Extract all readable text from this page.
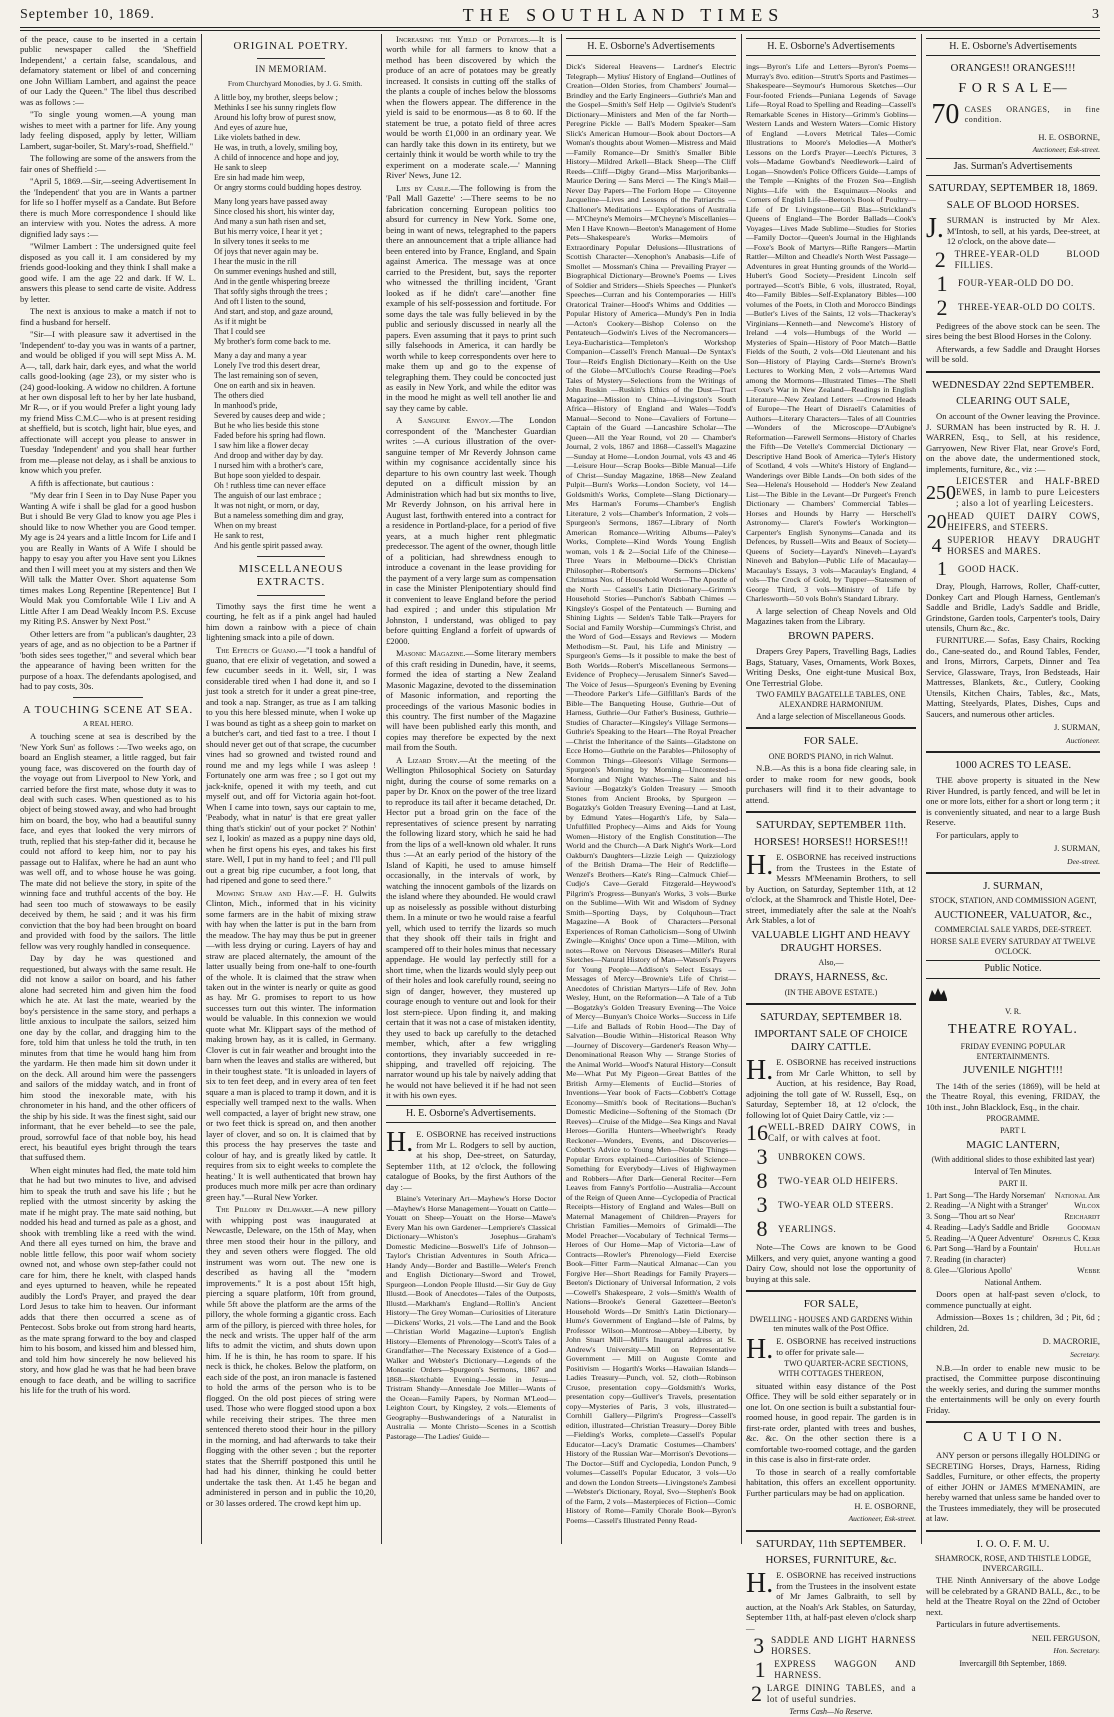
September 10, 1869.	THE SOUTHLAND TIMES	3

of the peace, cause to be inserted in a certain public newspaper called the 'Sheffield Independent,' a certain false, scandalous, and defamatory statement or libel of and concerning one John William Lambert, and against the peace of our Lady the Queen." The libel thus described was as follows :—

"To single young women.—A young man wishes to meet with a partner for life. Any young lady feeling disposed, apply by letter, William Lambert, sugar-boiler, St. Mary's-road, Sheffield."

The following are some of the answers from the fair ones of Sheffield :—

"April 5, 1869.—Sir,—seeing Advertisement In the 'Independent' that you are in Wants a partner for life so I hoffer myself as a Candate. But Before there is much More correspondence I should like an interview with you. Notes the adress. A more dignified lady says :—

"Wilmer Lambert : The undersigned quite feel disposed as you call it. I am considered by my friends good-looking and they think I shall make a good wife. I am the age 22 and dark. If W. L. answers this please to send carte de visite. Address by letter.

The next is anxious to make a match if not to find a husband for herself.

"Sir—I with pleasure saw it advertised in the 'Independent' to-day you was in wants of a partner, and would be obliged if you will sept Miss A. M. A—, tall, dark hair, dark eyes, and what the world calls good-looking (age 23), or my sister who is (24) good-looking. A widow no children. A fortune at her own disposal left to her by her late husband, Mr R—, or if you would Prefer a light young lady my friend Miss C.M.C—who is at present residing at sheffield, but is scotch, light hair, blue eyes, and affectionate will accept you please to answer in Tuesday 'Independent' and you shall hear further from me—please not delay, as i shall be anxious to know which you prefer.

A fifth is affectionate, but cautious :

"My dear frin I Seen in to Day Nuse Paper you Wanting A wife i shall be glad for a good husbon But i should Be very Glad to know you age Ples i should like to now Whether you are Good temper. My age is 24 years and a little Incom for Life and I you are Really in Wants of A Wife I should be happy to esay you after you Have sent you Liknes and then I will meet you at my sisters and then We Will talk the Matter Over. Short aquatense Som times makes Long Repentine [Repentence] But I Would Mak you Comfortable Wile I Liv and A Little After I am Dead Weakly Incom P.S. Excuse my Riting P.S. Answer by Next Post."

Other letters are from "a publican's daughter, 23 years of age, and as no objection to be a Partner if 'both sides sees together,'" and several which bear the appearance of having been written for the purpose of a hoax. The defendants apologised, and had to pay costs, 30s.

A TOUCHING SCENE AT SEA.
A REAL HERO.

A touching scene at sea is described by the 'New York Sun' as follows :—Two weeks ago, on board an English steamer, a little ragged, but fair young face, was discovered on the fourth day of the voyage out from Liverpool to New York, and carried before the first mate, whose duty it was to deal with such cases. When questioned as to his object of being stowed away, and who had brought him on board, the boy, who had a beautiful sunny face, and eyes that looked the very mirrors of truth, replied that his step-father did it, because he could not afford to keep him, nor to pay his passage out to Halifax, where he had an aunt who was well off, and to whose house he was going. The mate did not believe the story, in spite of the winning face and truthful accents of the boy. He had seen too much of stowaways to be easily deceived by them, he said ; and it was his firm conviction that the boy had been brought on board and provided with food by the sailors. The little fellow was very roughly handled in consequence.

Day by day he was questioned and requestioned, but always with the same result. He did not know a sailor on board, and his father alone had secreted him and given him the food which he ate. At last the mate, wearied by the boy's persistence in the same story, and perhaps a little anxious to inculpate the sailors, seized him one day by the collar, and dragging him to the fore, told him that unless he told the truth, in ten minutes from that time he would hang him from the yardarm. He then made him sit down under it on the deck. All around him were the passengers and sailors of the midday watch, and in front of him stood the inexorable mate, with his chronometer in his hand, and the other officers of the ship by his side. It was the finest sight, said our informant, that he ever beheld—to see the pale, proud, sorrowful face of that noble boy, his head erect, his beautiful eyes bright through the tears that suffused them.

When eight minutes had fled, the mate told him that he had but two minutes to live, and advised him to speak the truth and save his life ; but he replied with the utmost sincerity by asking the mate if he might pray. The mate said nothing, but nodded his head and turned as pale as a ghost, and shook with trembling like a reed with the wind. And there all eyes turned on him, the brave and noble little fellow, this poor waif whom society owned not, and whose own step-father could not care for him, there he knelt, with clasped hands and eyes upturned to heaven, while he repeated audibly the Lord's Prayer, and prayed the dear Lord Jesus to take him to heaven. Our informant adds that there then occurred a scene as of Pentecost. Sobs broke out from strong hard hearts, as the mate sprang forward to the boy and clasped him to his bosom, and kissed him and blessed him, and told him how sincerely he now believed his story, and how glad he was that he had been brave enough to face death, and be willing to sacrifice his life for the truth of his word.

ORIGINAL POETRY.
IN MEMORIAM.
From Churchyard Monodies, by J. G. Smith.
A little boy, my brother, sleeps below ;
Methinks I see his sunny ringlets flow
Around his lofty brow of purest snow,
And eyes of azure hue,
Like violets bathed in dew.
He was, in truth, a lovely, smiling boy,
A child of innocence and hope and joy,
He sank to sleep
Ere sin had made him weep,
Or angry storms could budding hopes destroy.
Many long years have passed away
Since closed his short, his winter day,
And many a sun hath risen and set,
But his merry voice, I hear it yet ;
In silvery tones it seeks to me
Of joys that never again may be.
I hear the music in the rill
On summer evenings hushed and still,
And in the gentle whispering breeze
That softly sighs through the trees ;
And oft I listen to the sound,
And start, and stop, and gaze around,
As if it might be
That I could see
My brother's form come back to me.
Many a day and many a year
Lonely I've trod this desert drear,
The last remaining son of seven,
One on earth and six in heaven.
The others died
In manhood's pride,
Severed by causes deep and wide ;
But he who lies beside this stone
Faded before his spring had flown.
I saw him like a flower decay
And droop and wither day by day.
I nursed him with a brother's care,
But hope soon yielded to despair.
Oh ! ruthless time can never efface
The anguish of our last embrace ;
It was not night, or morn, or day,
But a nameless something dim and gray,
When on my breast
He sank to rest,
And his gentle spirit passed away.
MISCELLANEOUS EXTRACTS.

Timothy says the first time he went a courting, he felt as if a pink angel had hauled him down a rainbow with a piece of chain lightening smack into a pile of down.

The Effects of Guano.—"I took a handful of guano, that ere elixir of vegetation, and sowed a few cucumber seeds in it. Well, sir, I was considerable tired when I had done it, and so I just took a stretch for it under a great pine-tree, and took a nap. Stranger, as true as I am talking to you this here blessed minute, when I woke up I was bound as tight as a sheep goin to market on a butcher's cart, and tied fast to a tree. I thout I should never get out of that scrape, the cucumber vines had so growned and twisted round and round me and my legs while I was asleep ! Fortunately one arm was free ; so I got out my jack-knife, opened it with my teeth, and cut myself out, and off for Victoria again hot-foot. When I came into town, says our captain to me, 'Peabody, what in natur' is that ere great yaller thing that's stickin' out of your pocket ?' Nothin' sez I, lookin' as mazed as a puppy nine days old, when he first opens his eyes, and takes his first stare. Well, I put in my hand to feel ; and I'll pull out a great big ripe cucumber, a foot long, that had ripened and gone to seed there."

Mowing Straw and Hay.—F. H. Gulwits Clinton, Mich., informed that in his vicinity some farmers are in the habit of mixing straw with hay when the latter is put in the barn from the meadow. The hay may thus be put in greener—with less drying or curing. Layers of hay and straw are placed alternately, the amount of the latter usually being from one-half to one-fourth of the whole. It is claimed that the straw when taken out in the winter is nearly or quite as good as hay. Mr G. promises to report to us how successes turn out this winter. The information would be valuable. In this connexion we would quote what Mr. Klippart says of the method of making brown hay, as it is called, in Germany. Clover is cut in fair weather and brought into the barn when the leaves and stalks are withered, but in their toughest state. "It is unloaded in layers of six to ten feet deep, and in every area of ten feet square a man is placed to tramp it down, and it is especially well tramped next to the walls. When well compacted, a layer of bright new straw, one or two feet thick is spread on, and then another layer of clover, and so on. It is claimed that by this process the hay preserves the taste and colour of hay, and is greatly liked by cattle. It requires from six to eight weeks to complete the heating.' It is well authenticated that brown hay produces much more milk per acre than ordinary green hay."—Rural New Yorker.

The Pillory in Delaware.—A new pillory with whipping post was inaugurated at Newcastle, Deleware, on the 15th of May, when three men stood their hour in the pillory, and they and seven others were flogged. The old instrument was worn out. The new one is described as having all the "modern improvements." It is a post about 15ft high, piercing a square platform, 10ft from ground, while 5ft above the platform are the arms of the pillory, the whole forming a gigantic cross. Each arm of the pillory, is pierced with three holes, for the neck and wrists. The upper half of the arm lifts to admit the victim, and shuts down upon him. If he is thin, he has room to spare. If his neck is thick, he chokes. Below the platform, on each side of the post, an iron manacle is fastened to hold the arms of the person who is to be flogged. On the old post pieces of string were used. Those who were flogged stood upon a box while receiving their stripes. The three men sentenced thereto stood their hour in the pillory in the morning, and had afterwards to take their flogging with the other seven ; but the reporter states that the Sherriff postponed this until he had had his dinner, thinking he could better undertake the task then. At 1.45 he began and administered in person and in public the 10,20, or 30 lasses ordered. The crowd kept him up.

Increasing the Yield of Potatoes.—It is worth while for all farmers to know that a method has been discovered by which the produce of an acre of potatoes may be greatly increased. It consists in cutting off the stalks of the plants a couple of inches below the blossoms when the flowers appear. The difference in the yield is said to be enormous—as 8 to 60. If the statement be true, a potato field of three acres would be worth £1,000 in an ordinary year. We can hardly take this down in its entirety, but we certainly think it would be worth while to try the experiment on a moderate scale.—' Manning River' News, June 12.

Lies by Cable.—The following is from the 'Pall Mall Gazette' :—There seems to be no fabrication concerning European politics too absurd for currency in New York. Some one, being in want of news, telegraphed to the papers there an announcement that a triple alliance had been entered into by France, England, and Spain against America. The message was at once carried to the President, but, says the reporter who witnessed the thrilling incident, 'Grant looked as if he didn't care'—another fine example of his self-possession and fortitude. For some days the tale was fully believed in by the public and seriously discussed in nearly all the papers. Even assuming that it pays to print such silly falsehoods in America, it can hardly be worth while to keep correspondents over here to make them up and go to the expense of telegraphing them. They could be concocted just as easily in New York, and while the editor was in the mood he might as well tell another lie and say they came by cable.

A Sanguine Envoy.—The London correspondent of the 'Manchester Guardian writes :—A curious illustration of the over-sanguine temper of Mr Reverdy Johnson came within my cognisance accidentally since his departure to his own country last week. Though deputed on a difficult mission by an Administration which had but six months to live, Mr Reverdy Johnson, on his arrival here in August last, forthwith entered into a contract for a residence in Portland-place, for a period of five years, at a much higher rent phlegmatic predecessor. The agent of the owner, though little of a politician, had shrewdness enough to introduce a covenant in the lease providing for the payment of a very large sum as compensation in case the Minister Plenipotentiary should find it convenient to leave England before the period had expired ; and under this stipulation Mr Johnston, I understand, was obliged to pay before quitting England a forfeit of upwards of £2000.

Masonic Magazine.—Some literary members of this craft residing in Dunedin, have, it seems, formed the idea of starting a New Zealand Masonic Magazine, devoted to the dissemination of Masonic information, and reporting the proceedings of the various Masonic bodies in this country. The first number of the Magazine will have been published early this month, and copies may therefore be expected by the next mail from the South.

A Lizard Story.—At the meeting of the Wellington Philosophical Society on Saturday night, during the course of some remarks on a paper by Dr. Knox on the power of the tree lizard to reproduce its tail after it became detached, Dr. Hector put a broad grin on the face of the representatives of science present by narrating the following lizard story, which he said he had from the lips of a well-known old whaler. It runs thus :—At an early period of the history of the Island of Kapiti, he used to amuse himself occasionally, in the intervals of work, by watching the innocent gambols of the lizards on the island where they abounded. He would crawl up as noiselessly as possible without disturbing them. In a minute or two he would raise a fearful yell, which used to terrify the lizards so much that they shook off their tails in fright and scampered off to their holes minus that necessary appendage. He would lay perfectly still for a short time, when the lizards would slyly peep out of their holes and look carefully round, seeing no sign of danger, however, they mustered up courage enough to venture out and look for their lost stern-piece. Upon finding it, and making certain that it was not a case of mistaken identity, they used to back up carefully to the detached member, which, after a few wriggling contortions, they invariably succeeded in re-shipping, and travelled off rejoicing. The narrator wound up his tale by naively adding that he would not have believed it if he had not seen it with his own eyes.

H. E. Osborne's Advertisements.

H. E. OSBORNE has received instructions from Mr L. Rodgers to sell by auction, at his shop, Dee-street, on Saturday, September 11th, at 12 o'clock, the following catalogue of Books, by the first Authors of the day :—

Blaine's Veterinary Art—Mayhew's Horse Doctor—Mayhew's Horse Management—Youatt on Cattle—Youatt on Sheep—Youatt on the Horse—Mawe's Every Man his own Gardener—Lempriere's Classical Dictionary—Whiston's Josephus—Graham's Domestic Medicine—Boswell's Life of Johnson—Taylor's Christian Adventures in South Africa—Handy Andy—Border and Bastille—Weler's French and English Dictionary—Sword and Trowel, Spurgeon—London People Illustd.—Sir Guy de Guy Illustd.—Book of Anecdotes—Tales of the Outposts, Illustd.—Markham's England—Rollin's Ancient History—The Grey Woman—Curiosities of Literature—Dickens' Works, 21 vols.—The Land and the Book—Christian World Magazine—Lupton's English History—Elements of Phrenology—Scott's Tales of a Grandfather—The Necessary Existence of a God—Walker and Webster's Dictionary—Legends of the Monastic Orders—Spurgeon's Sermons, 1867 and 1868—Sketchable Evening—Jessie in Jesus—Tristram Shandy—Annesdale Joe Miller—Wants of the Ocean—Family Papers, by Norman M'Leod—Leighton Court, by Kingsley, 2 vols.—Elements of Geography—Bushwanderings of a Naturalist in Australia — Monte Christo—Scenes in a Scottish Pastorage—The Ladies' Guide—

H. E. Osborne's Advertisements

Dick's Sidereal Heavens— Lardner's Electric Telegraph— Mylius' History of England—Outlines of Creation—Olden Stories, from Chambers' Journal—Brindley and the Early Engineers—Guthrie's Man and the Gospel—Smith's Self Help — Ogilvie's Student's Dictionary—Ministers and Men of the far North—Peregrine Pickle — Ball's Modern Speaker—Sam Slick's American Humour—Book about Doctors—A Woman's thoughts about Women—Mistress and Maid—Family Romance—Dr Smith's Smaller Bible History—Mildred Arkell—Black Sheep—The Cliff Reeds—Cliff—Digby Grand—Miss Marjoribanks—Maurice Dering — Sans Merci — The King's Mail—Never Day Papers—The Forlorn Hope — Citoyenne Jacqueline—Lives and Lessons of the Patriarchs — Challoner's Meditations — Explorations of Australia — M'Cheyne's Memoirs—M'Cheyne's Miscellanies—Men I Have Known—Beeton's Management of Home Pets—Shakespeare's Works—Memoirs of Extraordinary Popular Delusions—Illustrations of Scottish Character—Xenophon's Anabasis—Life of Smollet — Mossman's China — Prevailing Prayer — Biographical Dictionary—Browne's Poems — Lives of Soldier and Striders—Shiels Speeches — Plunket's Speeches—Curran and his Contemporaries — Hill's Oratorical Trainer—Hood's Whims and Oddities — Popular History of America—Mundy's Pen in India —Acton's Cookery—Bishop Colenso on the Pentateuch—Godwin's Lives of the Necromancers—Leya-Eucharistica—Templeton's Workshop Companion—Cassell's French Manual—De Syntax's Tour—Reid's English Dictionary—Keith on the Use of the Globe—M'Culloch's Course Reading—Poe's Tales of Mystery—Selections from the Writings of John Ruskin —Ruskin's Ethics of the Dust—Tract Magazine—Mission to China—Livingston's South Africa—History of England and Wales—Todd's Manual—Second to None—Cavaliers of Fortune—Captain of the Guard —Lancashire Scholar—The Queen—All the Year Round, vol 20 — Chamber's Journal, 2 vols, 1867 and 1868—Cassell's Magazine—Sunday at Home—London Journal, vols 43 and 46—Leisure Hour—Scrap Books—Bible Manual—Life of Christ—Sunday Magazine, 1868—New Zealand Pulpit—Burn's Works—London Society, vol 14—Goldsmith's Works, Complete—Slang Dictionary—Mrs Harman's Forums—Chamber's English Literature, 2 vols—Chamber's Information, 2 vols—Spurgeon's Sermons, 1867—Library of North American Romance—Writing Albums—Paley's Works, Complete—Kind Words Young English woman, vols 1 & 2—Social Life of the Chinese—Three Years in Melbourne—Dick's Christian Philosopher—Robertson's Sermons—Dickens' Christmas Nos. of Household Words—The Apostle of the North — Cassell's Latin Dictionary—Grimm's Household Stories—Punchon's Sabbath Chimes — Kingsley's Gospel of the Pentateuch — Burning and Shining Lights — Selden's Table Talk—Prayers for Social and Family Worship—Cummings's Christ, and the Word of God—Essays and Reviews — Modern Methodism—St. Paul, his Life and Ministry —Spurgeon's Gems—Is it possible to make the best of Both Worlds—Robert's Miscellaneous Sermons—Evidence of Prophecy—Jerusalem Sinner's Saved—The Voice of Jesus—Spurgeon's Evening by Evening—Theodore Parker's Life—Gilfillan's Bards of the Bible—The Banqueting House, Guthrie—Out of Harness, Guthrie—Our Father's Business, Guthrie—Studies of Character—Kingsley's Village Sermons—Guthrie's Speaking to the Heart—The Royal Preacher—Christ the Inheritance of the Saints—Gladstone on Ecce Homo—Guthrie on the Parables—Philosophy of Common Things—Gleeson's Village Sermons—Spurgeon's Morning by Morning—Uncontested—Morning and Night Watches—The Saint and his Saviour —Bogatzky's Golden Treasury — Smooth Stones from Ancient Brooks, by Spurgeon —Bogatzky's Golden Treasury Evening—Land at Last, by Edmund Yates—Hogarth's Life, by Sala—Unfulfilled Prophecy—Aims and Aids for Young Women—History of the English Constitution—The World and the Church—A Dark Night's Work—Lord Oakburn's Daughters—Lizzie Leigh — Quizziology of the British Drama—The Heir of Redclifle—Wenzel's Brothers—Kate's Ring—Calmuck Chief—Cudjo's Cave—Gerald Fitzgerald—Heywood's Pilgrim's Progress—Bunyan's Works, 3 vols—Burke on the Sublime—With Wit and Wisdom of Sydney Smith—Sporting Days, by Colquhoun—Tract Magazine—A Book of Characters—Personal Experiences of Roman Catholicism—Song of Ulwinh Zwingle—Knights' Once upon a Time—Milton, with notes—Rowe on Nervous Diseases—Miller's Rural Sketches—Natural History of Man—Watson's Prayers for Young People—Addison's Select Essays —Messages of Mercy—Brownie's Life of Christ—Anecdotes of Christian Martyrs—Life of Rev. John Wesley, Hunt, on the Reformation—A Tale of a Tub—Bogatzky's Golden Treasury Evening—The Voice of Mercy—Bunyan's Choice Works—Success in Life—Life and Ballads of Robin Hood—The Day of Salvation—Boudie Within—Historical Reason Why—Journey of Discovery—Gardener's Reason Why—Denominational Reason Why — Strange Stories of the Animal World—Wood's Natural History—Consult Me—What Put My Pigeon—Great Battles of the British Army—Elements of Euclid—Stories of Inventions—Year book of Facts—Cobbett's Cottage Economy—Smith's book of Recitations—Buchan's Domestic Medicine—Softening of the Stomach (Dr Reeves)—Cruise of the Midge—Sea Kings and Naval Heroes—Gorilla Hunters—Wheelwright's Ready Reckoner—Wonders, Events, and Discoveries—Cobbett's Advice to Young Men—Notable Things—Popular Errors explained—Curiosities of Science—Something for Everybody—Lives of Highwaymen and Robbers—After Dark—General Reciter—Fern Leaves from Fanny's Portfolio—Australia—Account of the Reign of Queen Anne—Cyclopedia of Practical Receipts—History of England and Wales—Bull on Maternal Management of Children—Prayers for Christian Families—Memoirs of Grimaldi—The Model Preacher—Vocabulary of Technical Terms—Heroes of Our Home—Map of Victoria—Law of Contracts—Rowler's Phrenology—Field Exercise Book—Fitter Farm—Nautical Almanac—Can you Forgive Her—Short Readings for Family Prayers—Beeton's Dictionary of Universal Information, 2 vols—Cowell's Shakespeare, 2 vols—Smith's Wealth of Nations—Brooke's General Gazetteer—Beeton's Household Words—Dr Smith's Latin Dictionary—Hume's Government of England—Isle of Palms, by Professor Wilson—Montrose—Abbey—Liberty, by John Stuart Mill—Mill's Inaugural address at St. Andrew's University—Mill on Representative Government — Mill on Auguste Comte and Positivism — Hogarth's Works—Hawaiian Islands—Ladies Treasury—Punch, vol. 52, cloth—Robinson Crusoe, presentation copy—Goldsmith's Works, presentation copy—Gulliver's Travels, presentation copy—Mysteries of Paris, 3 vols, illustrated—Cornhill Gallery—Pilgrim's Progress—Cassell's edition, illustrated—Christian Treasury—Dorey Bible—Fielding's Works, complete—Cassell's Popular Educator—Lacy's Dramatic Costumes—Chambers' History of the Russian War—Morrison's Devotions—The Doctor—Stiff and Cyclopedia, London Punch, 9 volumes—Cassell's Popular Educator, 3 vols—Uo and down the London Streets—Livingstone's Zambesi—Webster's Dictionary, Royal, Svo—Stephen's Book of the Farm, 2 vols—Masterpieces of Fiction—Comic History of Rome—Family Chorale Book—Byron's Poems—Cassell's Illustrated Penny Read-

H. E. Osborne's Advertisements

ings—Byron's Life and Letters—Byron's Poems—Murray's 8vo. edition—Strutt's Sports and Pastimes—Shakespeare—Seymour's Humorous Sketches—Our Four-footed Friends—Puniana Legends of Savage Life—Royal Road to Spelling and Reading—Cassell's Remarkable Scenes in History—Grimm's Goblins—Western Lands and Western Waters—Comic History of England —Lovers Metrical Tales—Comic Illustrations to Moore's Melodies—A Mother's Lessons on the Lord's Prayer—Leech's Pictures, 3 vols—Madame Gowband's Needlework—Laird of Logan—Snowden's Police Officers Guide—Lamps of the Temple —Knights of the Frozen Sea—English Nights—Life with the Esquimaux—Nooks and Corners of English Life—Beeton's Book of Poultry—Life of Dr Livingstone—Gil Blas—Strickland's Queens of England—The Border Ballads—Cook's Voyages—Lives Made Sublime—Studies for Stories—Family Doctor—Queen's Journal in the Highlands—Foxe's Book of Martyrs—Rifle Rangers—Martin Rattler—Milton and Cheadle's North West Passage—Adventures in great Hunting grounds of the World—Hubert's Good Society—President Lincoln self portrayed—Scott's Bible, 6 vols, illustrated, Royal, 4to—Family Bibles—Self-Explanatory Bibles—100 volumes of the Poets, in Cloth and Morocco Bindings—Butler's Lives of the Saints, 12 vols—Thackeray's Virginians—Kenneth—and Newcome's History of Ireland —4 vols—Humbugs of the World — Mysteries of Spain—History of Poor Match—Battle Fields of the South, 2 vols—Old Lieutenant and his Son—History of Playing Cards—Sterne's Brown's Lectures to Working Men, 2 vols—Artemus Ward among the Mormons—Illustrated Times—The Shell —Foxe's War in New Zealand—Readings in English Literature—New Zealand Letters —Crowned Heads of Europe—The Heart of Disraeli's Calamities of Authors—Literary Characters—Tales of all Countries—Wonders of the Microscope—D'Aubigne's Reformation—Farewell Sermons—History of Charles the Fifth—De Vetelle's Commercial Dictionary — Descriptive Hand Book of America—Tyler's History of Scotland, 4 vols —White's History of England—Wanderings over Bible Lands—On both sides of the Sea—Helena's Household — Hodder's New Zealand List—The Bible in the Levant—Dr Purgeet's French Dictionary — Chambers' Commercial Tables—Horses and Hounds by Harry — Herschell's Astronomy— Claret's Fowler's Workington—Carpenter's English Synonyms—Canada and its Defences, by Russell—Wits and Beaux of Society—Queens of Society—Layard's Nineveh—Layard's Nineveh and Babylon—Public Life of Macaulay—Macaulay's Essays, 3 vols—Macaulay's England, 4 vols—The Crock of Gold, by Tupper—Statesmen of George Third, 3 vols—Ministry of Life by Charlesworth—50 vols Bohn's Standard Library.

A large selection of Cheap Novels and Old Magazines taken from the Library.

BROWN PAPERS.

Drapers Grey Papers, Travelling Bags, Ladies Bags, Statuary, Vases, Ornaments, Work Boxes, Writing Desks, One eight-tune Musical Box, One Terrestrial Globe.

TWO FAMILY BAGATELLE TABLES, ONE ALEXANDRE HARMONIUM.
And a large selection of Miscellaneous Goods.
FOR SALE.
ONE BORD'S PIANO, in rich Walnut.

N.B.—As this is a bona fide clearing sale, in order to make room for new goods, book purchasers will find it to their advantage to attend.

SATURDAY, SEPTEMBER 11th.
HORSES! HORSES!! HORSES!!!

H. E. OSBORNE has received instructions from the Trustees in the Estate of Messrs M'Meenamin Brothers, to sell by Auction, on Saturday, September 11th, at 12 o'clock, at the Shamrock and Thistle Hotel, Dee-street, immediately after the sale at the Noah's Ark Stables, a lot of

VALUABLE LIGHT AND HEAVY DRAUGHT HORSES.
Also,—
DRAYS, HARNESS, &c.
(IN THE ABOVE ESTATE.)
SATURDAY, SEPTEMBER 18.
IMPORTANT SALE OF CHOICE DAIRY CATTLE.

H. E. OSBORNE has received instructions from Mr Carle Whitton, to sell by Auction, at his residence, Bay Road, adjoining the toll gate of W. Russell, Esq., on Saturday, September 18, at 12 o'clock, the following lot of Quiet Dairy Cattle, viz :—

16 WELL-BRED DAIRY COWS, in Calf, or with calves at foot.
3	UNBROKEN COWS.
8	TWO-YEAR OLD HEIFERS.
3	TWO-YEAR OLD STEERS.
8	YEARLINGS.

Note—The Cows are known to be Good Milkers, and very quiet, anyone wanting a good Dairy Cow, should not lose the opportunity of buying at this sale.

FOR SALE,
DWELLING - HOUSES AND GARDENS Within ten minutes walk of the Post Office.

H. E. OSBORNE has received instructions to offer for private sale—

TWO QUARTER-ACRE SECTIONS, WITH COTTAGES THEREON,

situated within easy distance of the Post Office. They will be sold either separately or in one lot. On one section is built a substantial four-roomed house, in good repair. The garden is in first-rate order, planted with trees and bushes, &c. &c. On the other section there is a comfortable two-roomed cottage, and the garden in this case is also in first-rate order.

To those in search of a really comfortable habitation, this offers an excellent opportunity. Further particulars may be had on application.

H. E. OSBORNE,
Auctioneer, Esk-street.
SATURDAY, 11th SEPTEMBER.
HORSES, FURNITURE, &c.

H. E. OSBORNE has received instructions from the Trustees in the insolvent estate of Mr James Galbraith, to sell by auction, at the Noah's Ark Stables, on Saturday, September 11th, at half-past eleven o'clock sharp—

3 SADDLE AND LIGHT HARNESS HORSES.
1 EXPRESS WAGGON AND HARNESS.
2 LARGE DINING TABLES, and a lot of useful sundries.
Terms Cash—No Reserve.
H. E. Osborne's Advertisements
ORANGES!! ORANGES!!!
F O R S A L E—
70 CASES ORANGES, in fine condition.
H. E. OSBORNE,
Auctioneer, Esk-street.
Jas. Surman's Advertisements
SATURDAY, SEPTEMBER 18, 1869.
SALE OF BLOOD HORSES.

J. SURMAN is instructed by Mr Alex. M'Intosh, to sell, at his yards, Dee-street, at 12 o'clock, on the above date—

2 THREE-YEAR-OLD BLOOD FILLIES.
1	FOUR-YEAR-OLD DO DO.
2	THREE-YEAR-OLD DO COLTS.

Pedigrees of the above stock can be seen. The sires being the best Blood Horses in the Colony.

Afterwards, a few Saddle and Draught Horses will be sold.

WEDNESDAY 22nd SEPTEMBER.
CLEARING OUT SALE,

On account of the Owner leaving the Province. J. SURMAN has been instructed by R. H. J. WARREN, Esq., to Sell, at his residence, Garryowen, New River Flat, near Grove's Ford, on the above date, the undermentioned stock, implements, furniture, &c., viz :—

250
LEICESTER and HALF-BRED EWES, in lamb to pure Leicesters ; also a lot of yearling Leicesters.
20 HEAD QUIET DAIRY COWS, HEIFERS, and STEERS.
4 SUPERIOR HEAVY DRAUGHT HORSES and MARES.
1	GOOD HACK.

Dray, Plough, Harrows, Roller, Chaff-cutter, Donkey Cart and Plough Harness, Gentleman's Saddle and Bridle, Lady's Saddle and Bridle, Grindstone, Garden tools, Carpenter's tools, Dairy utensils, Churn &c., &c.

FURNITURE.— Sofas, Easy Chairs, Rocking do., Cane-seated do., and Round Tables, Fender, and Irons, Mirrors, Carpets, Dinner and Tea Service, Glassware, Trays, Iron Bedsteads, Hair Mattresses, Blankets, &c., Cutlery, Cooking Utensils, Kitchen Chairs, Tables, &c., Mats, Matting, Steelyards, Plates, Dishes, Cups and Saucers, and numerous other articles.

J. SURMAN,
Auctioneer.
1000 ACRES TO LEASE.

THE above property is situated in the New River Hundred, is partly fenced, and will be let in one or more lots, either for a short or long term ; it is conveniently situated, and near to a large Bush Reserve.

For particulars, apply to

J. SURMAN,
Dee-street.
J. SURMAN,
STOCK, STATION, AND COMMISSION AGENT,
AUCTIONEER, VALUATOR, &c.,
COMMERCIAL SALE YARDS, DEE-STREET.
HORSE SALE EVERY SATURDAY AT TWELVE O'CLOCK.
Public Notice.
V. R.
THEATRE ROYAL.
FRIDAY EVENING POPULAR ENTERTAINMENTS.
JUVENILE NIGHT!!!

The 14th of the series (1869), will be held at the Theatre Royal, this evening, FRIDAY, the 10th inst., John Blacklock, Esq., in the chair.

PROGRAMME.
PART I.
MAGIC LANTERN,
(With additional slides to those exhibited last year)
Interval of Ten Minutes.
PART II.
1. Part Song—'The Hardy Norseman' National Air
2. Reading—'A Night with a Stranger'	Wilcox
3. Song—'Thou art so Near'	Reichardt
4. Reading—Lady's Saddle and Bridle Goodman
5. Reading—'A Queer Adventure' Orpheus C. Kerr
6. Part Song—'Hard by a Fountain'	Hullah
7. Reading (in character)
8. Glee—'Glorious Apollo'	Webbe
National Anthem.

Doors open at half-past seven o'clock, to commence punctually at eight.

Admission—Boxes 1s ; children, 3d ; Pit, 6d ; children, 2d.

D. MACRORIE,
Secretary.

N.B.—In order to enable new music to be practised, the Committee purpose discontinuing the weekly series, and during the summer months the entertainments will be only on every fourth Friday.

C A U T I O N.

ANY person or persons illegally HOLDING or SECRETING Horses, Drays, Harness, Riding Saddles, Furniture, or other effects, the property of either JOHN or JAMES M'MENAMIN, are hereby warned that unless same be handed over to the Trustees immediately, they will be prosecuted at law.

I. O. O. F. M. U.
SHAMROCK, ROSE, AND THISTLE LODGE, INVERCARGILL.

THE Ninth Anniversary of the above Lodge will be celebrated by a GRAND BALL, &c., to be held at the Theatre Royal on the 22nd of October next.

Particulars in future advertisements.

NEIL FERGUSON,
Hon. Secretary.
Invercargill 8th September, 1869.
